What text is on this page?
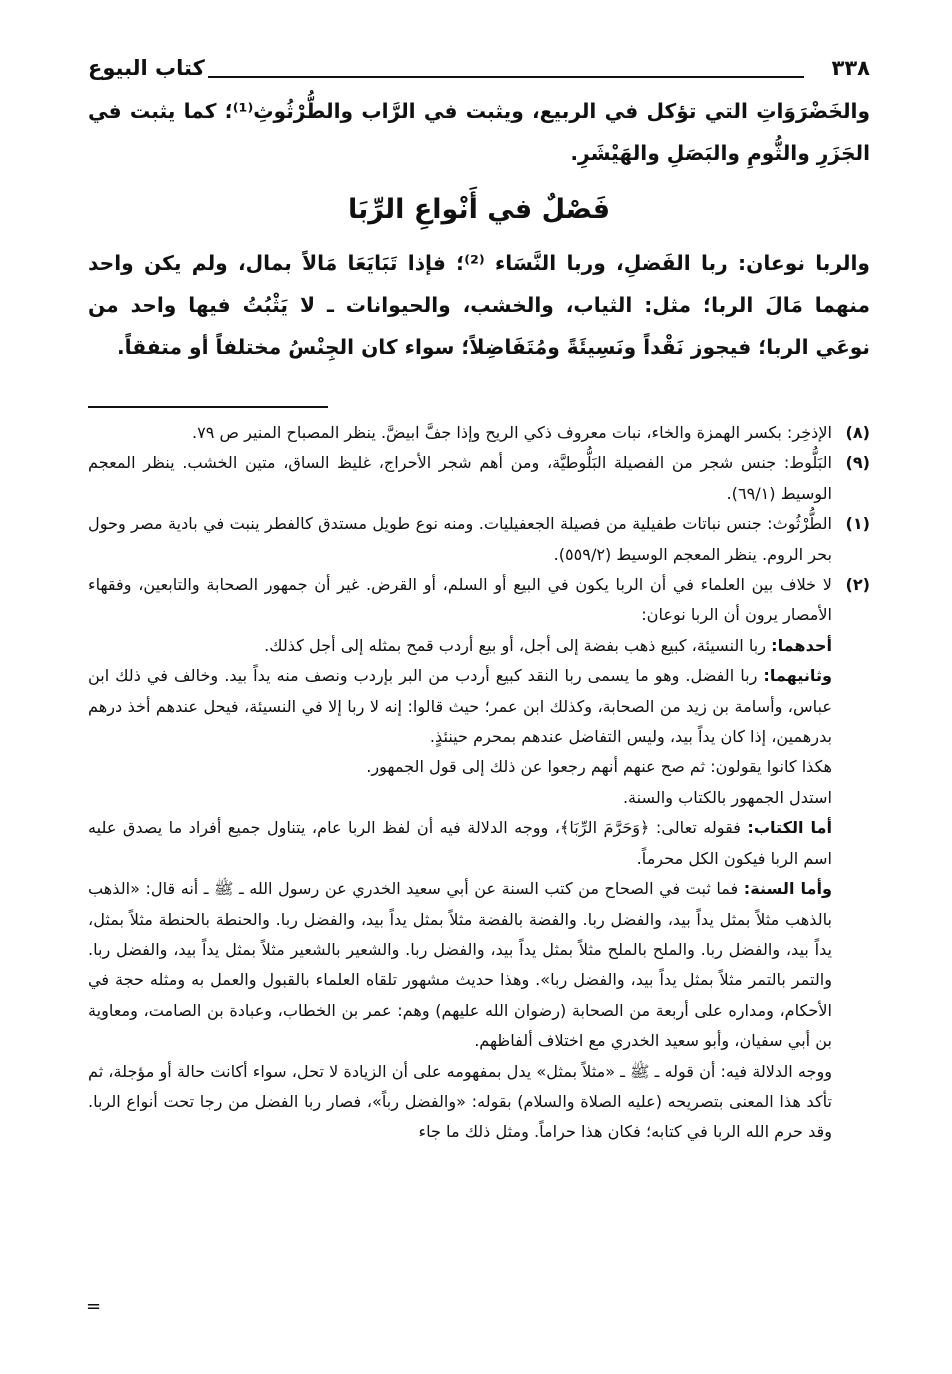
٣٣٨
كتاب البيوع

والخَضْرَوَاتِ التي تؤكل في الربيع، ويثبت في الرَّاب والطُّرْثُوثِ⁽¹⁾؛ كما يثبت في الجَزَرِ والثُّومِ والبَصَلِ والهَيْشَرِ.

فَصْلٌ في أَنْواعِ الرِّبَا

والربا نوعان: ربا الفَضلِ، وربا النَّسَاء ⁽²⁾؛ فإذا تَبَايَعَا مَالاً بمال، ولم يكن واحد منهما مَالَ الربا؛ مثل: الثياب، والخشب، والحيوانات ـ لا يَثْبُتُ فيها واحد من نوعَي الربا؛ فيجوز نَقْداً ونَسِيئَةً ومُتَفَاضِلاً؛ سواء كان الجِنْسُ مختلفاً أو متفقاً.

(٨)

الإذخِر: بكسر الهمزة والخاء، نبات معروف ذكي الريح وإذا جفَّ ابيضَّ. ينظر المصباح المنير ص ٧٩.

(٩)

البَلُّوط: جنس شجر من الفصيلة البَلُّوطيَّة، ومن أهم شجر الأحراج، غليظ الساق، متين الخشب. ينظر المعجم الوسيط (٦٩/١).

(١)

الطُّرْثُوث: جنس نباتات طفيلية من فصيلة الجعفيليات. ومنه نوع طويل مستدق كالفطر ينبت في بادية مصر وحول بحر الروم. ينظر المعجم الوسيط (٥٥٩/٢).

(٢)

لا خلاف بين العلماء في أن الربا يكون في البيع أو السلم، أو القرض. غير أن جمهور الصحابة والتابعين، وفقهاء الأمصار يرون أن الربا نوعان:

أحدهما: ربا النسيئة، كبيع ذهب بفضة إلى أجل، أو بيع أردب قمح بمثله إلى أجل كذلك.

وثانيهما: ربا الفضل. وهو ما يسمى ربا النقد كبيع أردب من البر بإردب ونصف منه يداً بيد. وخالف في ذلك ابن عباس، وأسامة بن زيد من الصحابة، وكذلك ابن عمر؛ حيث قالوا: إنه لا ربا إلا في النسيئة، فيحل عندهم أخذ درهم بدرهمين، إذا كان يداً بيد، وليس التفاضل عندهم بمحرم حينئذٍ.

هكذا كانوا يقولون: ثم صح عنهم أنهم رجعوا عن ذلك إلى قول الجمهور.

استدل الجمهور بالكتاب والسنة.

أما الكتاب: فقوله تعالى: ﴿وَحَرَّمَ الرِّبَا﴾، ووجه الدلالة فيه أن لفظ الربا عام، يتناول جميع أفراد ما يصدق عليه اسم الربا فيكون الكل محرماً.

وأما السنة: فما ثبت في الصحاح من كتب السنة عن أبي سعيد الخدري عن رسول الله ـ ﷺ ـ أنه قال: «الذهب بالذهب مثلاً بمثل يداً بيد، والفضل ربا. والفضة بالفضة مثلاً بمثل يداً بيد، والفضل ربا. والحنطة بالحنطة مثلاً بمثل، يداً بيد، والفضل ربا. والملح بالملح مثلاً بمثل يداً بيد، والفضل ربا. والشعير بالشعير مثلاً بمثل يداً بيد، والفضل ربا. والتمر بالتمر مثلاً بمثل يداً بيد، والفضل ربا». وهذا حديث مشهور تلقاه العلماء بالقبول والعمل به ومثله حجة في الأحكام، ومداره على أربعة من الصحابة (رضوان الله عليهم) وهم: عمر بن الخطاب، وعبادة بن الصامت، ومعاوية بن أبي سفيان، وأبو سعيد الخدري مع اختلاف ألفاظهم.

ووجه الدلالة فيه: أن قوله ـ ﷺ ـ «مثلاً بمثل» يدل بمفهومه على أن الزيادة لا تحل، سواء أكانت حالة أو مؤجلة، ثم تأكد هذا المعنى بتصريحه (عليه الصلاة والسلام) بقوله: «والفضل رباً»، فصار ربا الفضل من رجا تحت أنواع الربا. وقد حرم الله الربا في كتابه؛ فكان هذا حراماً. ومثل ذلك ما جاء

=
